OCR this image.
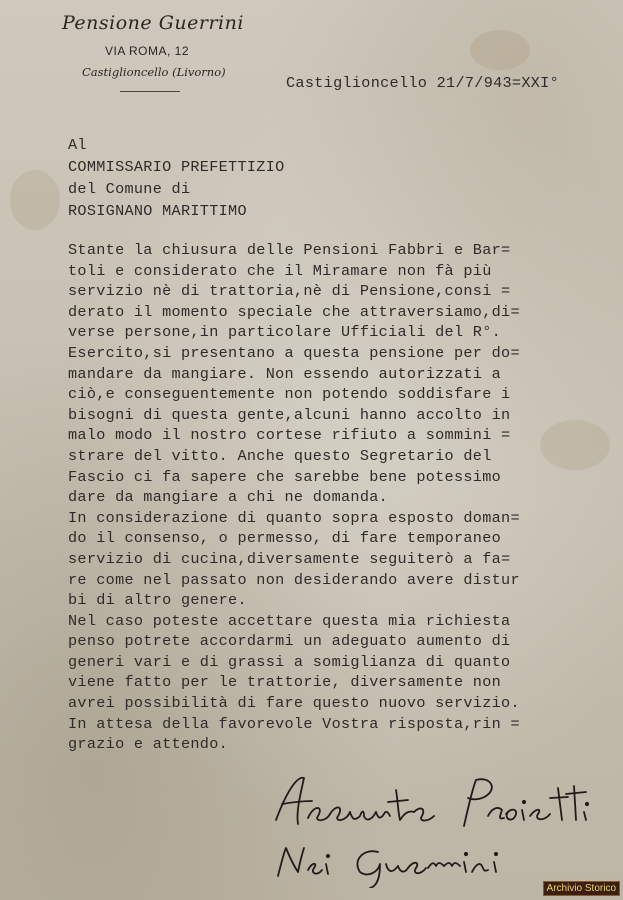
Pensione Guerrini
VIA ROMA, 12
Castiglioncello (Livorno)
Castiglioncello 21/7/943=XXI°
Al
COMMISSARIO PREFETTIZIO
del Comune di
ROSIGNANO MARITTIMO
Stante la chiusura delle Pensioni Fabbri e Bar=
toli e considerato che il Miramare non fà più
servizio nè di trattoria,nè di Pensione,consi =
derato il momento speciale che attraversiamo,di=
verse persone,in particolare Ufficiali del R°.
Esercito,si presentano a questa pensione per do=
mandare da mangiare. Non essendo autorizzati a
ciò,e conseguentemente non potendo soddisfare i
bisogni di questa gente,alcuni hanno accolto in
malo modo il nostro cortese rifiuto a sommini =
strare del vitto. Anche questo Segretario del
Fascio ci fa sapere che sarebbe bene potessimo
dare da mangiare a chi ne domanda.
In considerazione di quanto sopra esposto doman=
do il consenso, o permesso, di fare temporaneo
servizio di cucina,diversamente seguiterò a fa=
re come nel passato non desiderando avere distur
bi di altro genere.
Nel caso poteste accettare questa mia richiesta
penso potrete accordarmi un adeguato aumento di
generi vari e di grassi a somiglianza di quanto
viene fatto per le trattorie, diversamente non
avrei possibilità di fare questo nuovo servizio.
In attesa della favorevole Vostra risposta,rin =
grazio e attendo.
Archivio Storico
